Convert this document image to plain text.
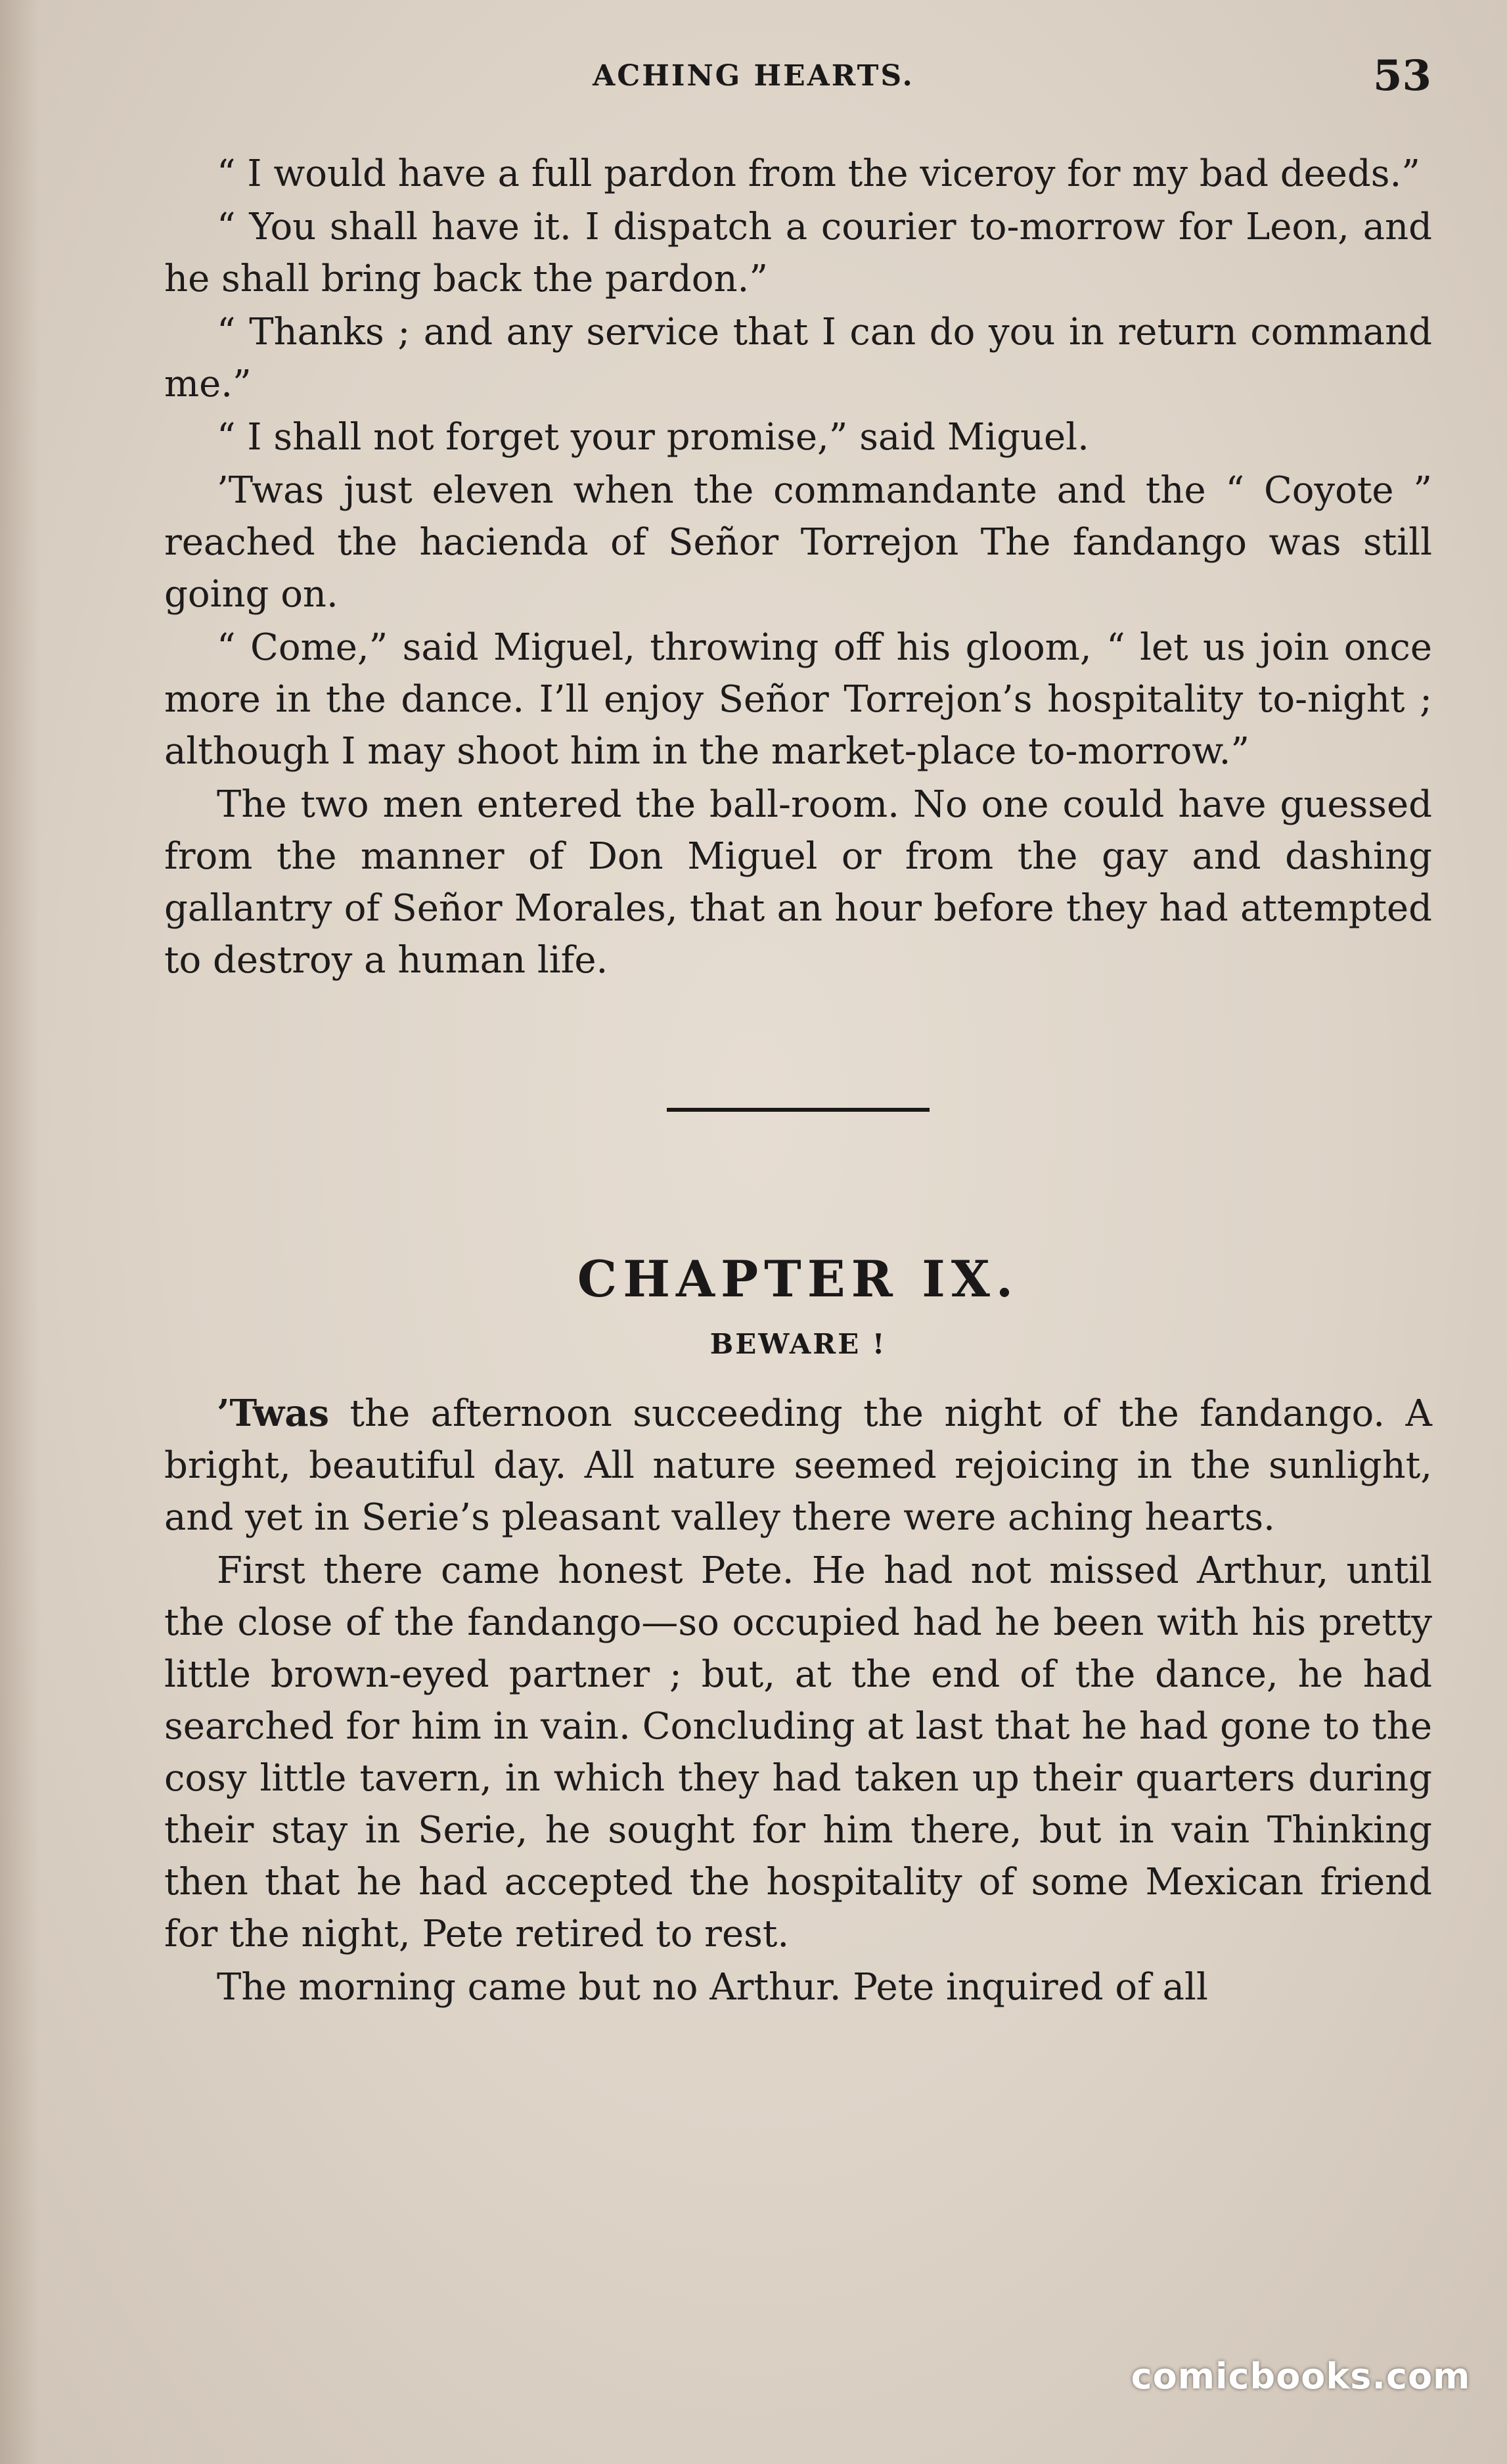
ACHING HEARTS.	53

“ I would have a full pardon from the viceroy for my bad deeds.”

“ You shall have it. I dispatch a courier to-morrow for Leon, and he shall bring back the pardon.”

“ Thanks ; and any service that I can do you in return command me.”

“ I shall not forget your promise,” said Miguel.

’Twas just eleven when the commandante and the “ Coyote ” reached the hacienda of Señor Torrejon The fandango was still going on.

“ Come,” said Miguel, throwing off his gloom, “ let us join once more in the dance. I’ll enjoy Señor Torrejon’s hospitality to-night ; although I may shoot him in the market-place to-morrow.”

The two men entered the ball-room. No one could have guessed from the manner of Don Miguel or from the gay and dashing gallantry of Señor Morales, that an hour before they had attempted to destroy a human life.

CHAPTER IX.
BEWARE !

’Twas the afternoon succeeding the night of the fandango. A bright, beautiful day. All nature seemed rejoicing in the sunlight, and yet in Serie’s pleasant valley there were aching hearts.

First there came honest Pete. He had not missed Arthur, until the close of the fandango—so occupied had he been with his pretty little brown-eyed partner ; but, at the end of the dance, he had searched for him in vain. Concluding at last that he had gone to the cosy little tavern, in which they had taken up their quarters during their stay in Serie, he sought for him there, but in vain Thinking then that he had accepted the hospitality of some Mexican friend for the night, Pete retired to rest.

The morning came but no Arthur. Pete inquired of all

comicbooks.com
